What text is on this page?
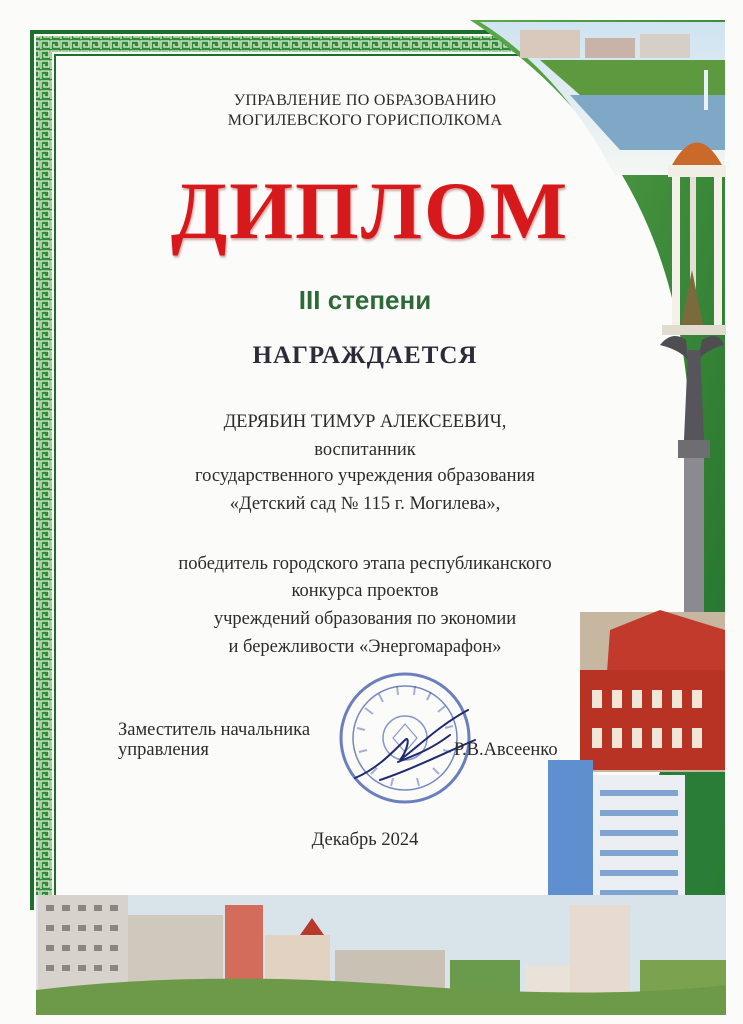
УПРАВЛЕНИЕ ПО ОБРАЗОВАНИЮ

МОГИЛЕВСКОГО ГОРИСПОЛКОМА

ДИПЛОМ

III степени

НАГРАЖДАЕТСЯ

ДЕРЯБИН ТИМУР АЛЕКСЕЕВИЧ,

воспитанник

государственного учреждения образования

«Детский сад № 115 г. Могилева»,

победитель городского этапа республиканского

конкурса проектов

учреждений образования по экономии

и бережливости «Энергомарафон»

Заместитель начальника

управления	Р.В.Авсеенко

Декабрь 2024
